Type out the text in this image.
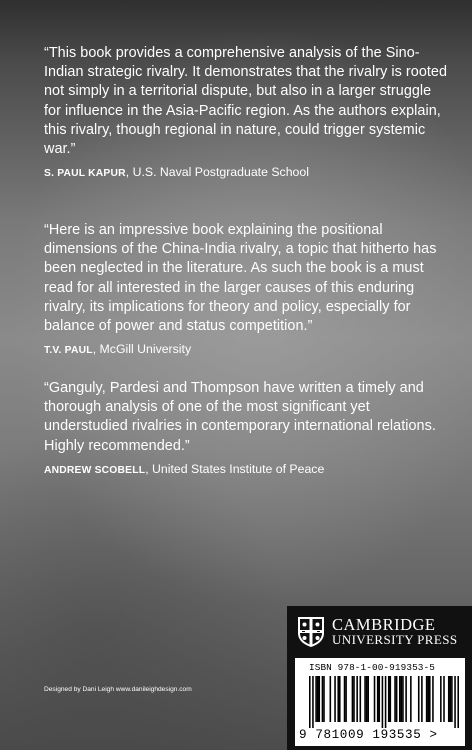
“This book provides a comprehensive analysis of the Sino-Indian strategic rivalry. It demonstrates that the rivalry is rooted not simply in a territorial dispute, but also in a larger struggle for influence in the Asia-Pacific region. As the authors explain, this rivalry, though regional in nature, could trigger systemic war.”

S. PAUL KAPUR, U.S. Naval Postgraduate School

“Here is an impressive book explaining the positional dimensions of the China-India rivalry, a topic that hitherto has been neglected in the literature. As such the book is a must read for all interested in the larger causes of this enduring rivalry, its implications for theory and policy, especially for balance of power and status competition.”

T.V. PAUL, McGill University

“Ganguly, Pardesi and Thompson have written a timely and thorough analysis of one of the most significant yet understudied rivalries in contemporary international relations. Highly recommended.”

ANDREW SCOBELL, United States Institute of Peace

Designed by Dani Leigh www.danileighdesign.com
CAMBRIDGE
UNIVERSITY PRESS
ISBN 978-1-00-919353-5
9 781009 193535 >
